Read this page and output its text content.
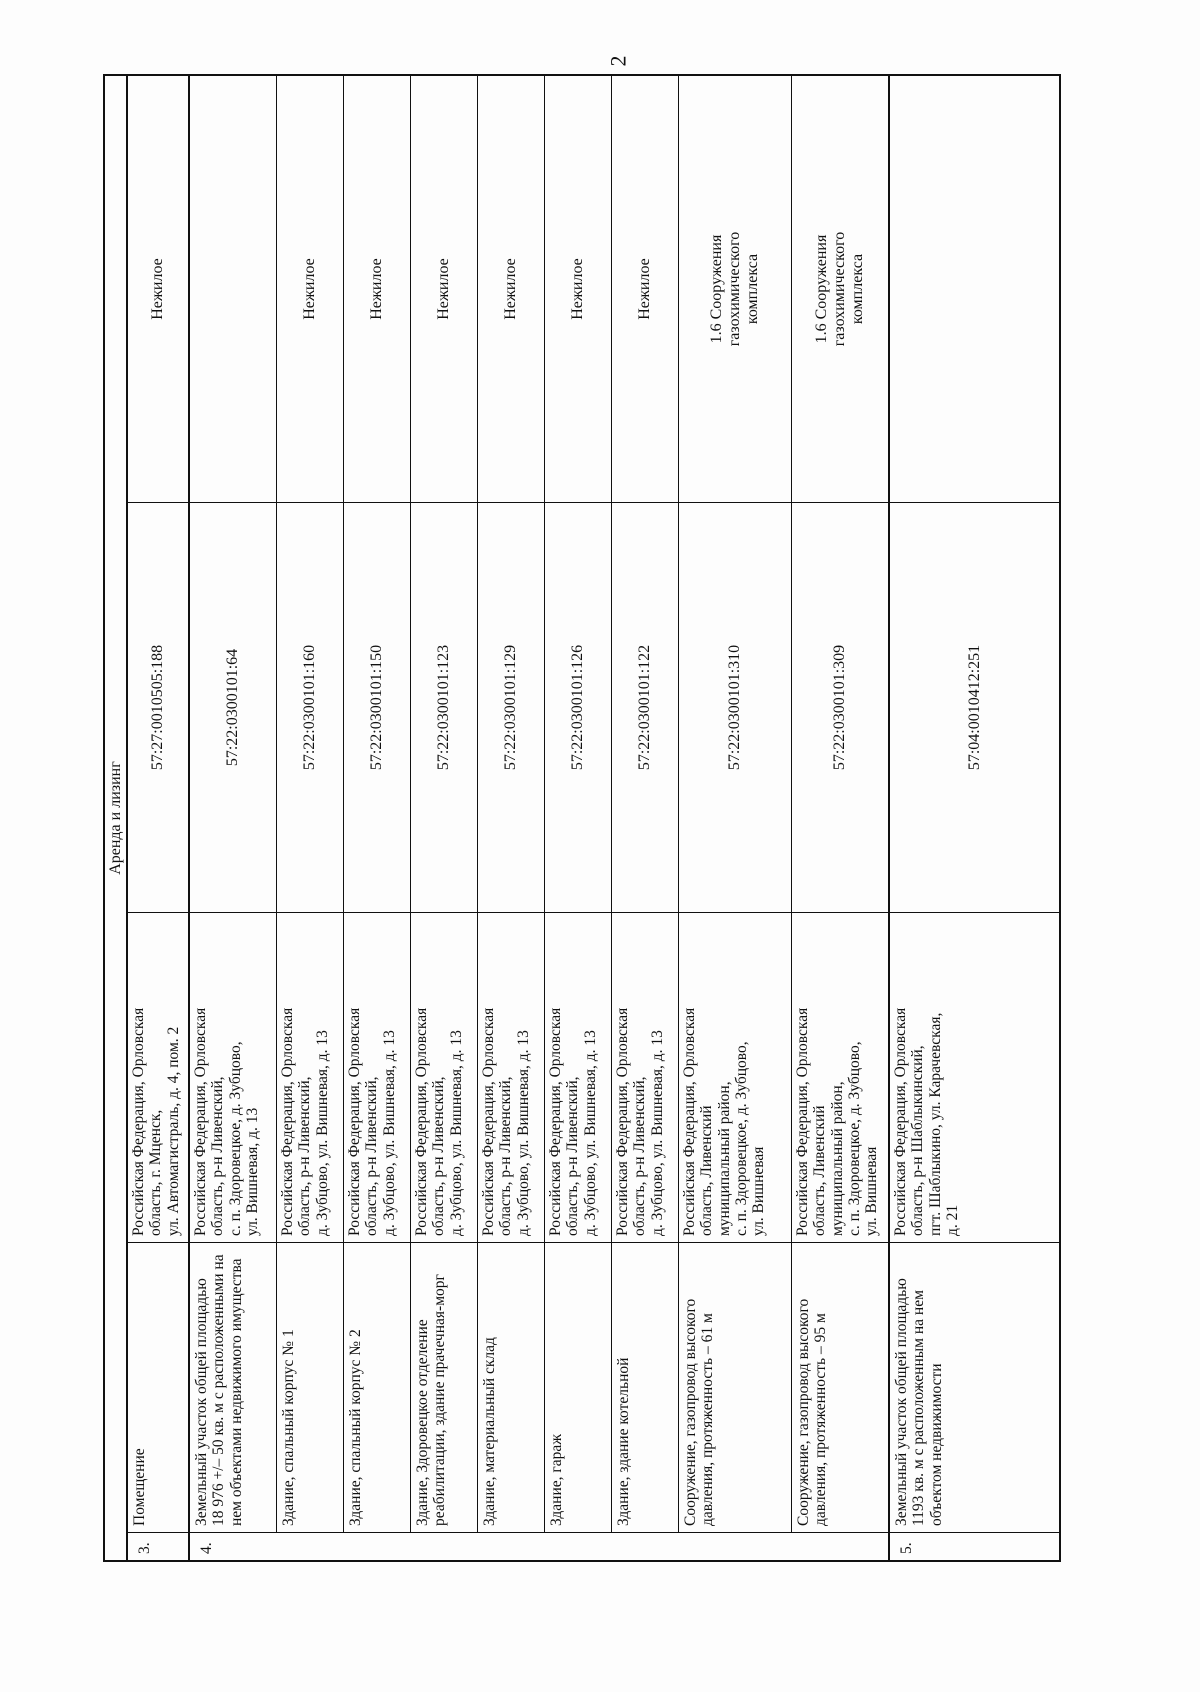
2
Аренда и лизинг
3.
Помещение
Российская Федерация, Орловская
область, г. Мценск,
ул. Автомагистраль, д. 4, пом. 2
57:27:0010505:188
Нежилое
4.
Земельный участок общей площадью
18 976 +/– 50 кв. м с расположенными на
нем объектами недвижимого имущества
Российская Федерация, Орловская
область, р-н Ливенский,
с. п. Здоровецкое, д. Зубцово,
ул. Вишневая, д. 13
57:22:0300101:64
Здание, спальный корпус № 1
Российская Федерация, Орловская
область, р-н Ливенский,
д. Зубцово, ул. Вишневая, д. 13
57:22:0300101:160
Нежилое
Здание, спальный корпус № 2
Российская Федерация, Орловская
область, р-н Ливенский,
д. Зубцово, ул. Вишневая, д. 13
57:22:0300101:150
Нежилое
Здание, Здоровецкое отделение
реабилитации, здание прачечная-морг
Российская Федерация, Орловская
область, р-н Ливенский,
д. Зубцово, ул. Вишневая, д. 13
57:22:0300101:123
Нежилое
Здание, материальный склад
Российская Федерация, Орловская
область, р-н Ливенский,
д. Зубцово, ул. Вишневая, д. 13
57:22:0300101:129
Нежилое
Здание, гараж
Российская Федерация, Орловская
область, р-н Ливенский,
д. Зубцово, ул. Вишневая, д. 13
57:22:0300101:126
Нежилое
Здание, здание котельной
Российская Федерация, Орловская
область, р-н Ливенский,
д. Зубцово, ул. Вишневая, д. 13
57:22:0300101:122
Нежилое
Сооружение, газопровод высокого
давления, протяженность – 61 м
Российская Федерация, Орловская
область, Ливенский
муниципальный район,
с. п. Здоровецкое, д. Зубцово,
ул. Вишневая
57:22:0300101:310
1.6 Сооружения
газохимического
комплекса
Сооружение, газопровод высокого
давления, протяженность – 95 м
Российская Федерация, Орловская
область, Ливенский
муниципальный район,
с. п. Здоровецкое, д. Зубцово,
ул. Вишневая
57:22:0300101:309
1.6 Сооружения
газохимического
комплекса
5.
Земельный участок общей площадью
1193 кв. м с расположенным на нем
объектом недвижимости
Российская Федерация, Орловская
область, р-н Шаблыкинский,
пгт. Шаблыкино, ул. Карачевская,
д. 21
57:04:0010412:251
